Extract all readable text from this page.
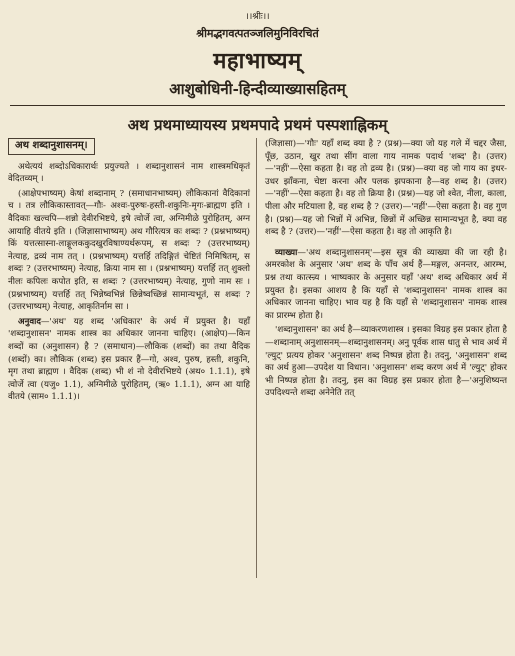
।।श्रीः।।
श्रीमद्भगवत्पतञ्जलिमुनिविरचितं
महाभाष्यम्
आशुबोधिनी-हिन्दीव्याख्यासहितम्
अथ प्रथमाध्यायस्य प्रथमपादे प्रथमं पस्पशाह्निकम्
अथ शब्दानुशासनम्।

अथेत्ययं शब्दोऽधिकारार्थः प्रयुज्यते । शब्दानुशासनं नाम शास्त्रमधिकृतं वेदितव्यम् ।

(आक्षेपभाष्यम्) केषां शब्दानाम् ? (समाधानभाष्यम्) लौकिकानां वैदिकानां च । तत्र लौकिकास्तावत्—गौः- अश्वः-पुरुषः-हस्ती-शकुनिः-मृगः-ब्राह्मण इति । वैदिकाः खल्वपि—शन्नो देवीरभिष्टये, इषे त्वोर्जे त्वा, अग्निमीळे पुरोहितम्, अग्न आयाहि वीतये इति । (जिज्ञासाभाष्यम्) अथ गौरित्यत्र कः शब्दः ? (प्रश्नभाष्यम्) किं यत्तत्सास्ना-लाङ्गूलककुदखुरविषाण्यर्थरूपम्, स शब्दः ? (उत्तरभाष्यम्) नेत्याह, द्रव्यं नाम तत् । (प्रश्नभाष्यम्) यत्तर्हि तदिङ्गितं चेष्टितं निमिषितम्, स शब्दः ? (उत्तरभाष्यम्) नेत्याह, क्रिया नाम सा । (प्रश्नभाष्यम्) यत्तर्हि तत् शुक्लो नीलः कपिलः कपोत इति, स शब्दः ? (उत्तरभाष्यम्) नेत्याह, गुणो नाम सः । (प्रश्नभाष्यम्) यत्तर्हि तत् भिन्नेष्वभिन्नं छिन्नेष्वच्छिन्नं सामान्यभूतं, स शब्दः ? (उत्तरभाष्यम्) नेत्याह, आकृतिर्नाम सा ।

अनुवाद—'अथ' यह शब्द 'अधिकार' के अर्थ में प्रयुक्त है। यहाँ 'शब्दानुशासन' नामक शास्त्र का अधिकार जानना चाहिए। (आक्षेप)—किन शब्दों का (अनुशासन) है ? (समाधान)—लौकिक (शब्दों) का तथा वैदिक (शब्दों) का। लौकिक (शब्द) इस प्रकार हैं—गो, अश्व, पुरुष, हस्ती, शकुनि, मृग तथा ब्राह्मण । वैदिक (शब्द) भी शं नो देवीरभिष्टये (अथ० 1.1.1), इषे त्वोर्जे त्वा (यजु० 1.1), अग्निमीळे पुरोहितम्, (ऋ० 1.1.1), अग्न आ याहि वीतये (साम० 1.1.1)।

(जिज्ञासा)—'गौः' यहाँ शब्द क्या है ? (प्रश्न)—क्या जो यह गले में चद्दर जैसा, पूँछ, उठान, खुर तथा सींग वाला गाय नामक पदार्थ 'शब्द' है। (उत्तर)—'नहीं'—ऐसा कहता है। वह तो द्रव्य है। (प्रश्न)—क्या वह जो गाय का इधर-उधर झाँकना, चेष्टा करना और पलक झपकाना है—वह शब्द है। (उत्तर)—'नहीं'—ऐसा कहता है। वह तो क्रिया है। (प्रश्न)—यह जो श्वेत, नीला, काला, पीला और मटियाला है, वह शब्द है ? (उत्तर)—'नहीं'—ऐसा कहता है। वह गुण है। (प्रश्न)—यह जो भिन्नों में अभिन्न, छिन्नों में अच्छिन्न सामान्यभूत है, क्या वह शब्द है ? (उत्तर)—'नहीं'—ऐसा कहता है। वह तो आकृति है।

व्याख्या—'अथ शब्दानुशासनम्'—इस सूत्र की व्याख्या की जा रही है। अमरकोश के अनुसार 'अथ' शब्द के पाँच अर्थ हैं—मङ्गल, अनन्तर, आरम्भ, प्रश्न तथा कात्स्न्र्य । भाष्यकार के अनुसार यहाँ 'अथ' शब्द अधिकार अर्थ में प्रयुक्त है। इसका आशय है कि यहाँ से 'शब्दानुशासन' नामक शास्त्र का अधिकार जानना चाहिए। भाव यह है कि यहाँ से 'शब्दानुशासन' नामक शास्त्र का प्रारम्भ होता है।

'शब्दानुशासन' का अर्थ है—व्याकरणशास्त्र । इसका विग्रह इस प्रकार होता है—शब्दानाम् अनुशासनम्—शब्दानुशासनम्। अनु पूर्वक शास धातु से भाव अर्थ में 'ल्युट्' प्रत्यय होकर 'अनुशासन' शब्द निष्पन्न होता है। तदनु, 'अनुशासन' शब्द का अर्थ हुआ—उपदेश या विधान। 'अनुशासन' शब्द करण अर्थ में 'ल्युट्' होकर भी निष्पन्न होता है। तदनु, इस का विग्रह इस प्रकार होता है—'अनुशिष्यन्त उपदिश्यन्ते शब्दा अनेनेति तत्
